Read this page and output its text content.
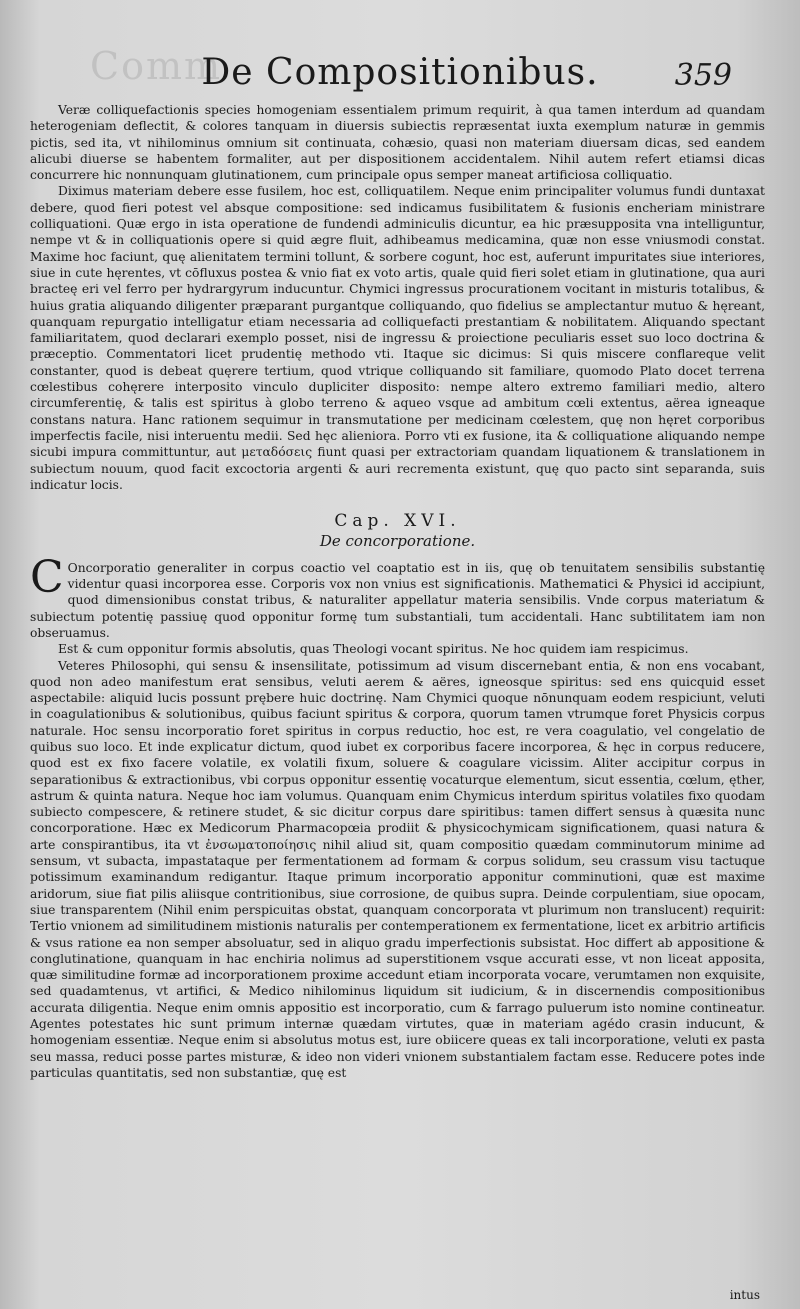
Comm
De Compositionibus.	359

Veræ colliquefactionis species homogeniam essentialem primum requirit, à qua tamen interdum ad quandam heterogeniam deflectit, & colores tanquam in diuersis subiectis repræsentat iuxta exemplum naturæ in gemmis pictis, sed ita, vt nihilominus omnium sit continuata, cohæsio, quasi non materiam diuersam dicas, sed eandem alicubi diuerse se habentem formaliter, aut per dispositionem accidentalem. Nihil autem refert etiamsi dicas concurrere hic nonnunquam glutinationem, cum principale opus semper maneat artificiosa colliquatio.

Diximus materiam debere esse fusilem, hoc est, colliquatilem. Neque enim principaliter volumus fundi duntaxat debere, quod fieri potest vel absque compositione: sed indicamus fusibilitatem & fusionis encheriam ministrare colliquationi. Quæ ergo in ista operatione de fundendi adminiculis dicuntur, ea hic præsupposita vna intelliguntur, nempe vt & in colliquationis opere si quid ægre fluit, adhibeamus medicamina, quæ non esse vniusmodi constat. Maxime hoc faciunt, quę alienitatem termini tollunt, & sorbere cogunt, hoc est, auferunt impuritates siue interiores, siue in cute hęrentes, vt cōfluxus postea & vnio fiat ex voto artis, quale quid fieri solet etiam in glutinatione, qua auri bracteę eri vel ferro per hydrargyrum inducuntur. Chymici ingressus procurationem vocitant in misturis totalibus, & huius gratia aliquando diligenter præparant purgantque colliquando, quo fidelius se amplectantur mutuo & hęreant, quanquam repurgatio intelligatur etiam necessaria ad colliquefacti prestantiam & nobilitatem. Aliquando spectant familiaritatem, quod declarari exemplo posset, nisi de ingressu & proiectione peculiaris esset suo loco doctrina & præceptio. Commentatori licet prudentię methodo vti. Itaque sic dicimus: Si quis miscere conflareque velit constanter, quod is debeat quęrere tertium, quod vtrique colliquando sit familiare, quomodo Plato docet terrena cœlestibus cohęrere interposito vinculo dupliciter disposito: nempe altero extremo familiari medio, altero circumferentię, & talis est spiritus à globo terreno & aqueo vsque ad ambitum cœli extentus, aërea igneaque constans natura. Hanc rationem sequimur in transmutatione per medicinam cœlestem, quę non hęret corporibus imperfectis facile, nisi interuentu medii. Sed hęc alieniora. Porro vti ex fusione, ita & colliquatione aliquando nempe sicubi impura committuntur, aut μεταδόσεις fiunt quasi per extractoriam quandam liquationem & translationem in subiectum nouum, quod facit excoctoria argenti & auri recrementa existunt, quę quo pacto sint separanda, suis indicatur locis.

Cap. XVI.
De concorporatione.

C Oncorporatio generaliter in corpus coactio vel coaptatio est in iis, quę ob tenuitatem sensibilis substantię videntur quasi incorporea esse. Corporis vox non vnius est significationis. Mathematici & Physici id accipiunt, quod dimensionibus constat tribus, & naturaliter appellatur materia sensibilis. Vnde corpus materiatum & subiectum potentię passiuę quod opponitur formę tum substantiali, tum accidentali. Hanc subtilitatem iam non obseruamus.

Est & cum opponitur formis absolutis, quas Theologi vocant spiritus. Ne hoc quidem iam respicimus.

Veteres Philosophi, qui sensu & insensilitate, potissimum ad visum discernebant entia, & non ens vocabant, quod non adeo manifestum erat sensibus, veluti aerem & aëres, igneosque spiritus: sed ens quicquid esset aspectabile: aliquid lucis possunt prębere huic doctrinę. Nam Chymici quoque nōnunquam eodem respiciunt, veluti in coagulationibus & solutionibus, quibus faciunt spiritus & corpora, quorum tamen vtrumque foret Physicis corpus naturale. Hoc sensu incorporatio foret spiritus in corpus reductio, hoc est, re vera coagulatio, vel congelatio de quibus suo loco. Et inde explicatur dictum, quod iubet ex corporibus facere incorporea, & hęc in corpus reducere, quod est ex fixo facere volatile, ex volatili fixum, soluere & coagulare vicissim. Aliter accipitur corpus in separationibus & extractionibus, vbi corpus opponitur essentię vocaturque elementum, sicut essentia, cœlum, ęther, astrum & quinta natura. Neque hoc iam volumus. Quanquam enim Chymicus interdum spiritus volatiles fixo quodam subiecto compescere, & retinere studet, & sic dicitur corpus dare spiritibus: tamen differt sensus à quæsita nunc concorporatione. Hæc ex Medicorum Pharmacopœia prodiit & physicochymicam significationem, quasi natura & arte conspirantibus, ita vt ἐνσωματοποίησις nihil aliud sit, quam compositio quædam comminutorum minime ad sensum, vt subacta, impastataque per fermentationem ad formam & corpus solidum, seu crassum visu tactuque potissimum examinandum redigantur. Itaque primum incorporatio apponitur comminutioni, quæ est maxime aridorum, siue fiat pilis aliisque contritionibus, siue corrosione, de quibus supra. Deinde corpulentiam, siue opocam, siue transparentem (Nihil enim perspicuitas obstat, quanquam concorporata vt plurimum non translucent) requirit: Tertio vnionem ad similitudinem mistionis naturalis per contemperationem ex fermentatione, licet ex arbitrio artificis & vsus ratione ea non semper absoluatur, sed in aliquo gradu imperfectionis subsistat. Hoc differt ab appositione & conglutinatione, quanquam in hac enchiria nolimus ad superstitionem vsque accurati esse, vt non liceat apposita, quæ similitudine formæ ad incorporationem proxime accedunt etiam incorporata vocare, verumtamen non exquisite, sed quadamtenus, vt artifici, & Medico nihilominus liquidum sit iudicium, & in discernendis compositionibus accurata diligentia. Neque enim omnis appositio est incorporatio, cum & farrago puluerum isto nomine contineatur. Agentes potestates hic sunt primum internæ quædam virtutes, quæ in materiam agédo crasin inducunt, & homogeniam essentiæ. Neque enim si absolutus motus est, iure obiicere queas ex tali incorporatione, veluti ex pasta seu massa, reduci posse partes misturæ, & ideo non videri vnionem substantialem factam esse. Reducere potes inde particulas quantitatis, sed non substantiæ, quę est

intus
